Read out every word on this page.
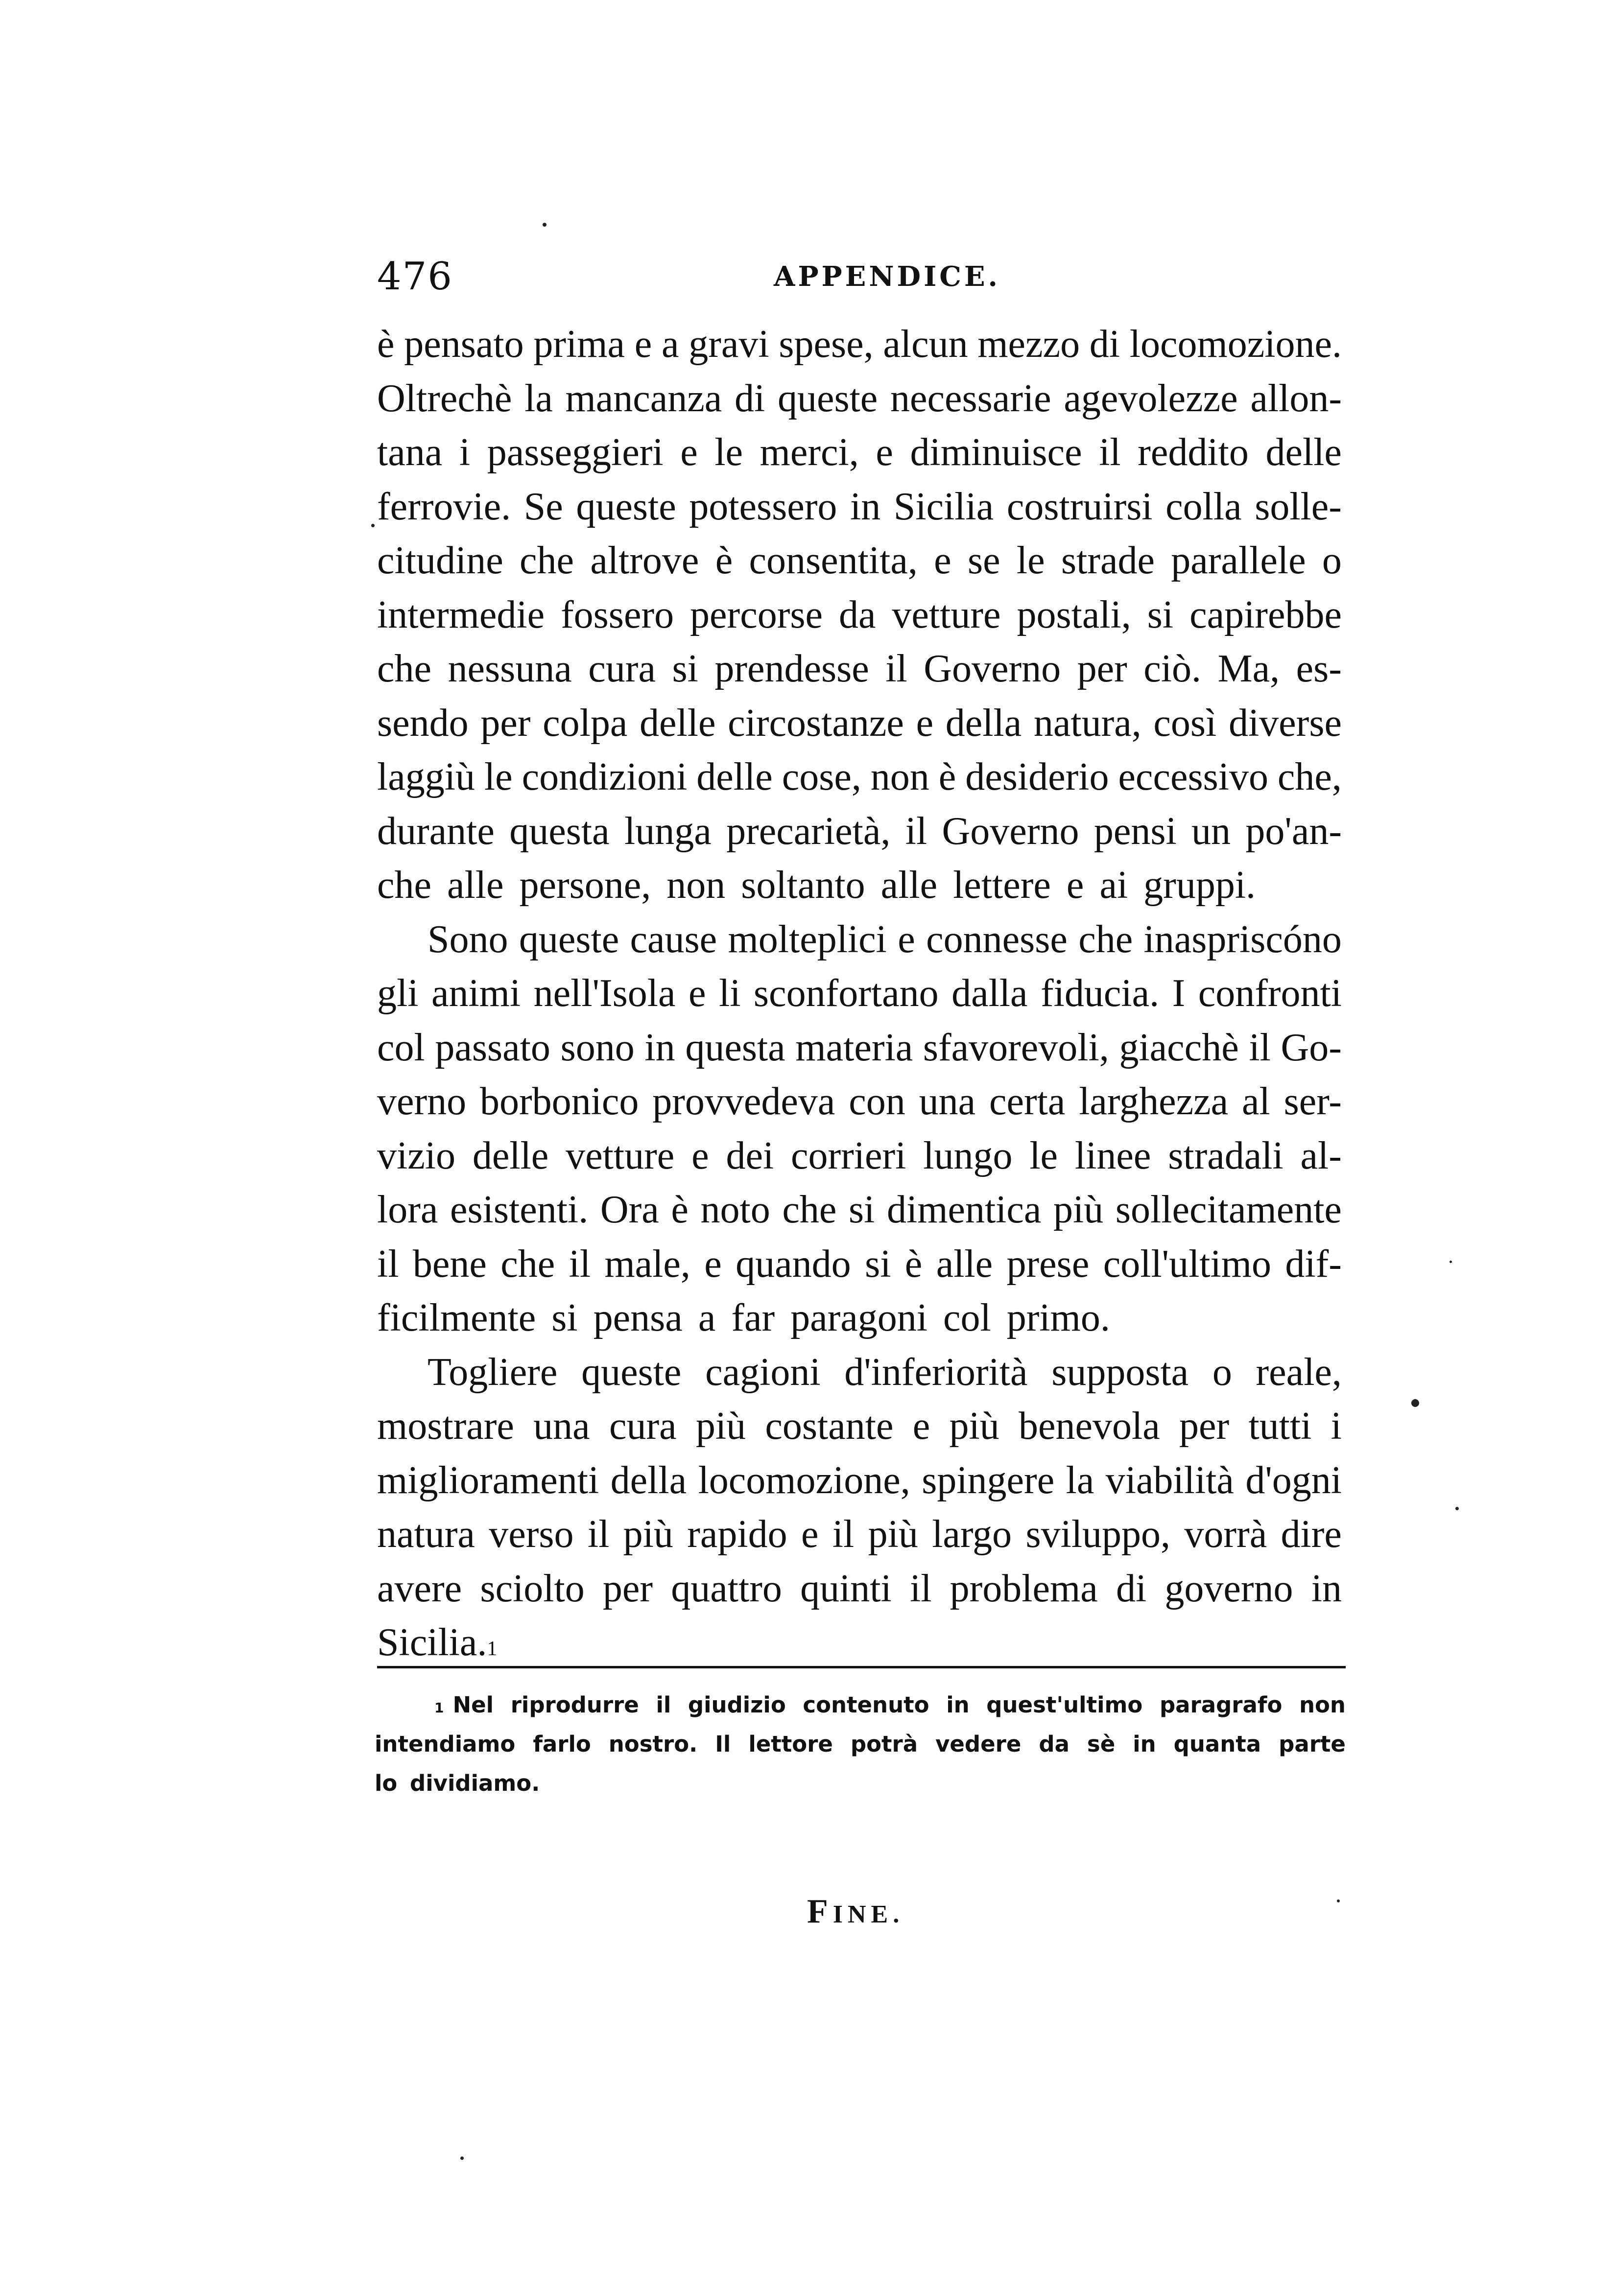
476	APPENDICE.
è pensato prima e a gravi spese, alcun mezzo di locomozione.
Oltrechè la mancanza di queste necessarie agevolezze allon-
tana i passeggieri e le merci, e diminuisce il reddito delle
ferrovie. Se queste potessero in Sicilia costruirsi colla solle-
citudine che altrove è consentita, e se le strade parallele o
intermedie fossero percorse da vetture postali, si capirebbe
che nessuna cura si prendesse il Governo per ciò. Ma, es-
sendo per colpa delle circostanze e della natura, così diverse
laggiù le condizioni delle cose, non è desiderio eccessivo che,
durante questa lunga precarietà, il Governo pensi un po'an-
che alle persone, non soltanto alle lettere e ai gruppi.
Sono queste cause molteplici e connesse che inaspriscóno
gli animi nell'Isola e li sconfortano dalla fiducia. I confronti
col passato sono in questa materia sfavorevoli, giacchè il Go-
verno borbonico provvedeva con una certa larghezza al ser-
vizio delle vetture e dei corrieri lungo le linee stradali al-
lora esistenti. Ora è noto che si dimentica più sollecitamente
il bene che il male, e quando si è alle prese coll'ultimo dif-
ficilmente si pensa a far paragoni col primo.
Togliere queste cagioni d'inferiorità supposta o reale,
mostrare una cura più costante e più benevola per tutti i
miglioramenti della locomozione, spingere la viabilità d'ogni
natura verso il più rapido e il più largo sviluppo, vorrà dire
avere sciolto per quattro quinti il problema di governo in
Sicilia. 1
1 Nel riprodurre il giudizio contenuto in quest'ultimo paragrafo non
intendiamo farlo nostro. Il lettore potrà vedere da sè in quanta parte
lo dividiamo.
FINE.
